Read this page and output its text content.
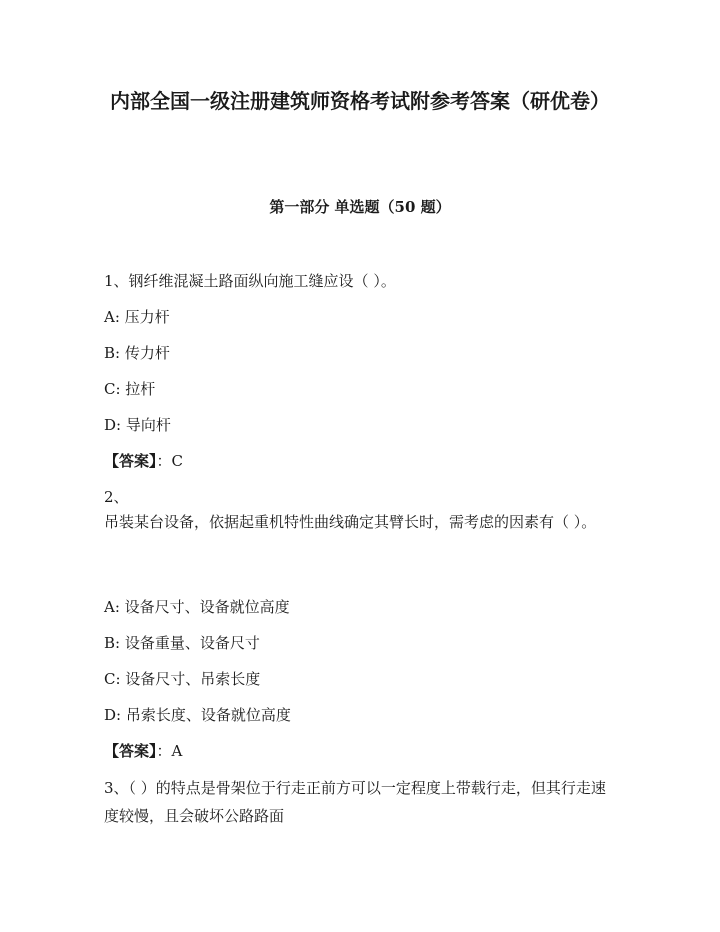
内部全国一级注册建筑师资格考试附参考答案（研优卷）
第一部分 单选题（50 题）
1、钢纤维混凝土路面纵向施工缝应设（ ）。
A: 压力杆
B: 传力杆
C: 拉杆
D: 导向杆
【答案】：C
2、
吊装某台设备，依据起重机特性曲线确定其臂长时，需考虑的因素有（ ）。
A: 设备尺寸、设备就位高度
B: 设备重量、设备尺寸
C: 设备尺寸、吊索长度
D: 吊索长度、设备就位高度
【答案】：A
3、（ ）的特点是骨架位于行走正前方可以一定程度上带载行走，但其行走速度较慢，且会破坏公路路面
